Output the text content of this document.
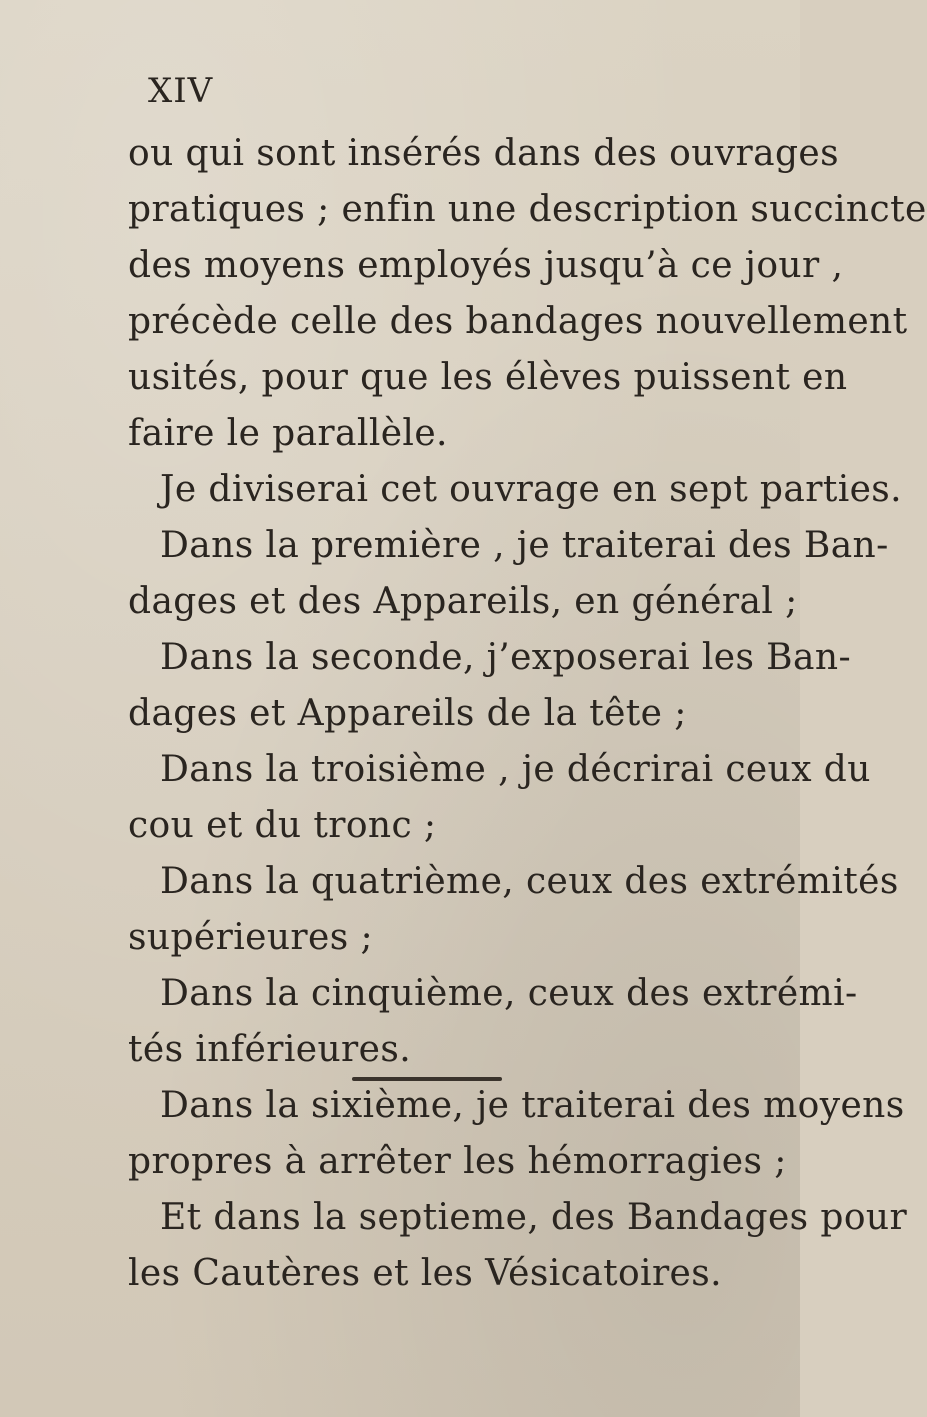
XIV
ou qui sont insérés dans des ouvrages
pratiques ; enfin une description succincte
des moyens employés jusqu’à ce jour ,
précède celle des bandages nouvellement
usités, pour que les élèves puissent en
faire le parallèle.
Je diviserai cet ouvrage en sept parties.
Dans la première , je traiterai des Ban-
dages et des Appareils, en général ;
Dans la seconde, j’exposerai les Ban-
dages et Appareils de la tête ;
Dans la troisième , je décrirai ceux du
cou et du tronc ;
Dans la quatrième, ceux des extrémités
supérieures ;
Dans la cinquième, ceux des extrémi-
tés inférieures.
Dans la sixième, je traiterai des moyens
propres à arrêter les hémorragies ;
Et dans la septieme, des Bandages pour
les Cautères et les Vésicatoires.
